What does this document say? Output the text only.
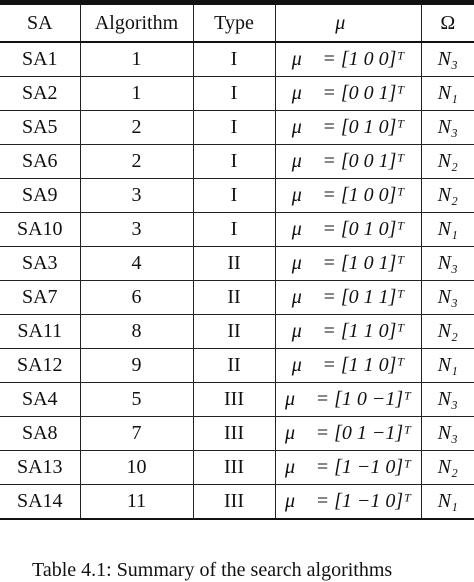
SA	Algorithm	Type	μ⃗	Ω
SA1	1	I	μ⃗ = [1 0 0]ᵀ	N₃
SA2	1	I	μ⃗ = [0 0 1]ᵀ	N₁
SA5	2	I	μ⃗ = [0 1 0]ᵀ	N₃
SA6	2	I	μ⃗ = [0 0 1]ᵀ	N₂
SA9	3	I	μ⃗ = [1 0 0]ᵀ	N₂
SA10	3	I	μ⃗ = [0 1 0]ᵀ	N₁
SA3	4	II	μ⃗ = [1 0 1]ᵀ	N₃
SA7	6	II	μ⃗ = [0 1 1]ᵀ	N₃
SA11	8	II	μ⃗ = [1 1 0]ᵀ	N₂
SA12	9	II	μ⃗ = [1 1 0]ᵀ	N₁
SA4	5	III	μ⃗ = [1 0 −1]ᵀ	N₃
SA8	7	III	μ⃗ = [0 1 −1]ᵀ	N₃
SA13	10	III	μ⃗ = [1 −1 0]ᵀ	N₂
SA14	11	III	μ⃗ = [1 −1 0]ᵀ	N₁
Table 4.1: Summary of the search algorithms
